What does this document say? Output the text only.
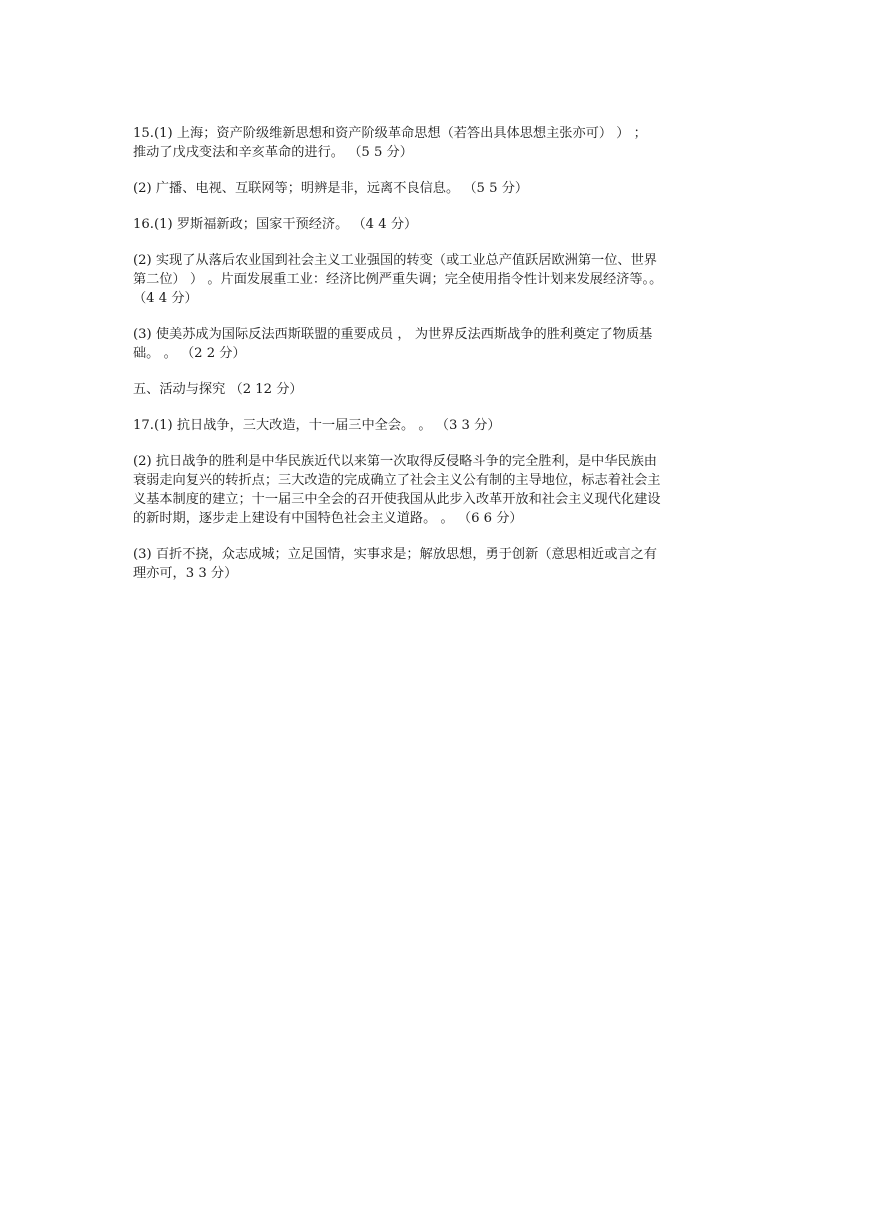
15.(1) 上海；资产阶级维新思想和资产阶级革命思想（若答出具体思想主张亦可） ） ；
推动了戊戌变法和辛亥革命的进行。 （5 5 分）

(2) 广播、电视、互联网等；明辨是非，远离不良信息。 （5 5 分）

16.(1) 罗斯福新政；国家干预经济。 （4 4 分）

(2) 实现了从落后农业国到社会主义工业强国的转变（或工业总产值跃居欧洲第一位、世界
第二位） ） 。片面发展重工业：经济比例严重失调；完全使用指令性计划来发展经济等。。
（4 4 分）

(3) 使美苏成为国际反法西斯联盟的重要成员 ， 为世界反法西斯战争的胜利奠定了物质基
础。 。 （2 2 分）

五、活动与探究 （2 12 分）

17.(1) 抗日战争，三大改造，十一届三中全会。 。 （3 3 分）

(2) 抗日战争的胜利是中华民族近代以来第一次取得反侵略斗争的完全胜利，是中华民族由
衰弱走向复兴的转折点；三大改造的完成确立了社会主义公有制的主导地位，标志着社会主
义基本制度的建立；十一届三中全会的召开使我国从此步入改革开放和社会主义现代化建设
的新时期，逐步走上建设有中国特色社会主义道路。 。 （6 6 分）

(3) 百折不挠，众志成城；立足国情，实事求是；解放思想，勇于创新（意思相近或言之有
理亦可，3 3 分）
